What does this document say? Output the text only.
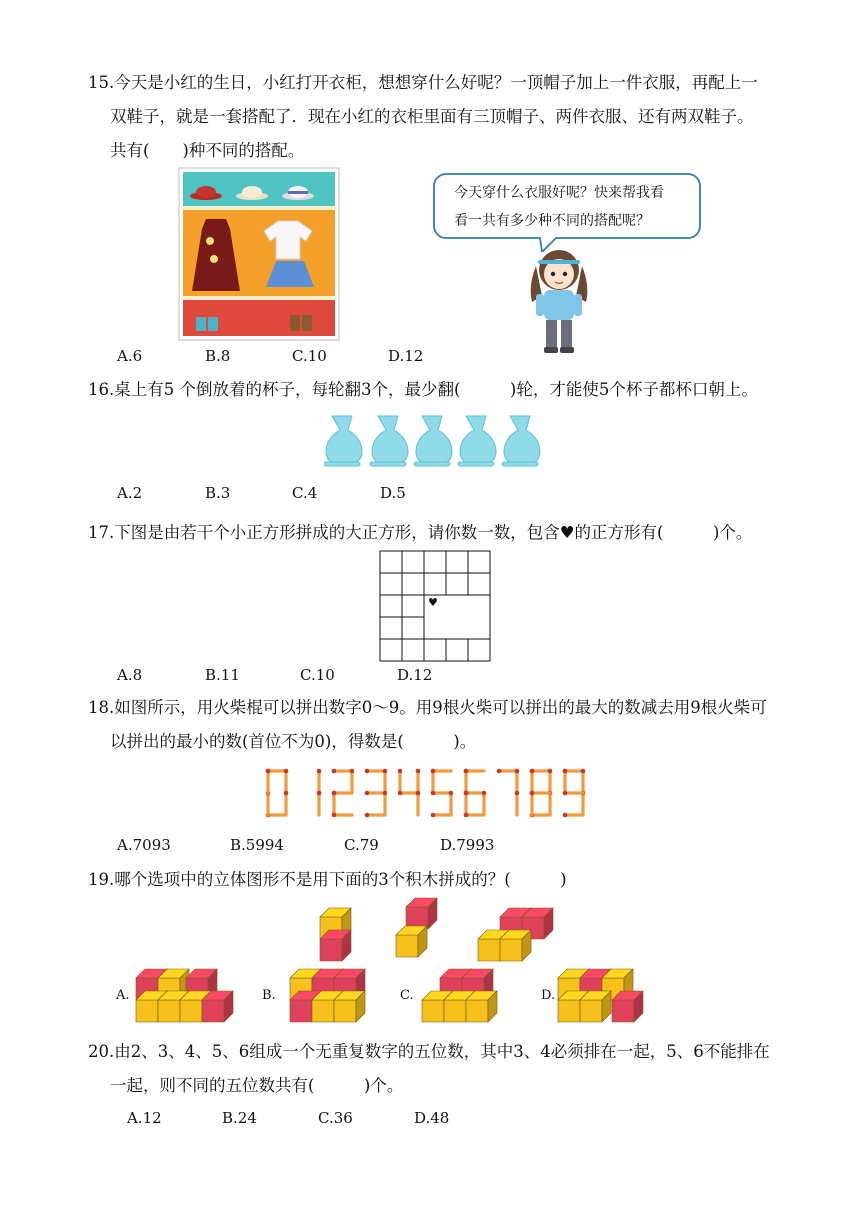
15.今天是小红的生日，小红打开衣柜，想想穿什么好呢？一顶帽子加上一件衣服，再配上一
双鞋子，就是一套搭配了．现在小红的衣柜里面有三顶帽子、两件衣服、还有两双鞋子。
共有(　　)种不同的搭配。
今天穿什么衣服好呢？快来帮我看
看一共有多少种不同的搭配呢？
A.6	B.8	C.10	D.12
16.桌上有5 个倒放着的杯子，每轮翻3个，最少翻(　　　)轮，才能使5个杯子都杯口朝上。
A.2	B.3	C.4	D.5
17.下图是由若干个小正方形拼成的大正方形，请你数一数，包含♥的正方形有(　　　)个。
♥
A.8	B.11	C.10	D.12
18.如图所示，用火柴棍可以拼出数字0～9。用9根火柴可以拼出的最大的数减去用9根火柴可
以拼出的最小的数(首位不为0)，得数是(　　　)。
A.7093	B.5994	C.79	D.7993
19.哪个选项中的立体图形不是用下面的3个积木拼成的？(　　　)
A.	B.	C.	D.
20.由2、3、4、5、6组成一个无重复数字的五位数，其中3、4必须排在一起，5、6不能排在
一起，则不同的五位数共有(　　　)个。
A.12	B.24	C.36	D.48
